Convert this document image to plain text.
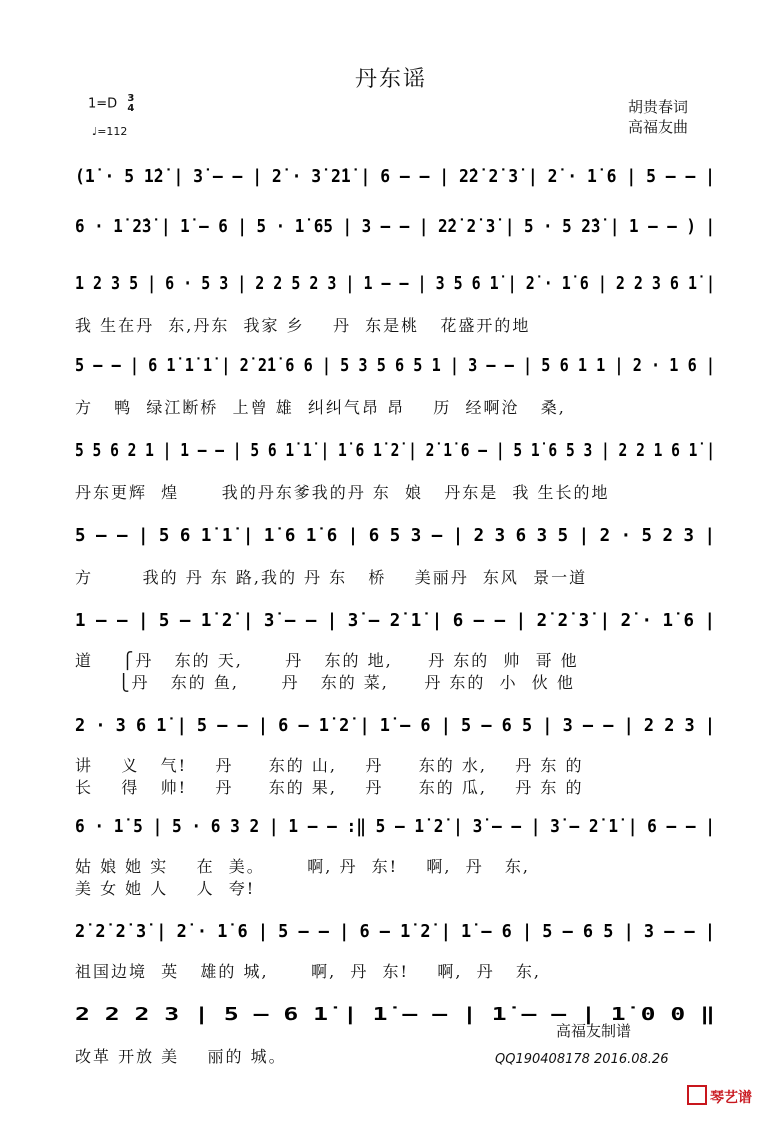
丹东谣
1=D 3
4
♩=112
胡贵春词
高福友曲
(1̇ · 5 1̇2̇ | 3̇ – – | 2̇ · 3̇ 2̇1̇ | 6 – – | 2̇2̇ 2̇ 3̇ | 2̇ · 1̇ 6 | 5 – – |
6 · 1̇ 2̇3̇ | 1̇ – 6 | 5 · 1̇ 65 | 3 – – | 2̇2̇ 2̇ 3̇ | 5 · 5 2̇3̇ | 1 – – ) |
1 2 3 5 | 6 · 5 3 | 2 2 5 2 3 | 1 – – | 3 5 6 1̇ | 2̇ · 1̇ 6 | 2 2 3 6 1̇ |
我 生在丹  东,丹东  我家 乡    丹  东是桃   花盛开的地
5 – – | 6 1̇ 1̇ 1̇ | 2̇ 2̇1̇ 6 6 | 5 3 5 6 5 1 | 3 – – | 5 6 1 1 | 2 · 1 6 |
方   鸭  绿江断桥  上曾 雄  纠纠气昂 昂    历  经啊沧   桑,
5 5 6 2 1 | 1 – – | 5 6 1̇ 1̇ | 1̇ 6 1̇ 2̇ | 2̇ 1̇ 6 – | 5 1̇ 6 5 3 | 2 2 1 6 1̇ |
丹东更辉  煌      我的丹东爹我的丹 东  娘   丹东是  我 生长的地
5 – – | 5 6 1̇ 1̇ | 1̇ 6 1̇ 6 | 6 5 3 – | 2 3 6 3 5 | 2 · 5 2 3 |
方       我的 丹 东 路,我的 丹 东   桥    美丽丹  东风  景一道
1 – – | 5 – 1̇ 2̇ | 3̇ – – | 3̇ – 2̇ 1̇ | 6 – – | 2̇ 2̇ 3̇ | 2̇ · 1̇ 6 |
道    ⎧丹   东的 天,      丹   东的 地,     丹 东的  帅  哥 他
⎩丹   东的 鱼,      丹   东的 菜,     丹 东的  小  伙 他
2 · 3 6 1̇ | 5 – – | 6 – 1̇ 2̇ | 1̇ – 6 | 5 – 6 5 | 3 – – | 2 2 3 |
讲    义   气!    丹     东的 山,    丹     东的 水,    丹 东 的
长    得   帅!    丹     东的 果,    丹     东的 瓜,    丹 东 的
6 · 1̇ 5 | 5 · 6 3 2 | 1 – – :‖ 5 – 1̇ 2̇ | 3̇ – – | 3̇ – 2̇ 1̇ | 6 – – |
姑 娘 她 实    在  美。      啊, 丹  东!    啊,  丹   东,
美 女 她 人    人  夸!
2̇ 2̇ 2̇ 3̇ | 2̇ · 1̇ 6 | 5 – – | 6 – 1̇ 2̇ | 1̇ – 6 | 5 – 6 5 | 3 – – |
祖国边境  英   雄的 城,      啊,  丹  东!    啊,  丹   东,
2 2 2 3 | 5 – 6 1̇ | 1̇ – – | 1̇ – – | 1̇ 0 0 ‖
改革 开放 美    丽的 城。
高福友制谱
QQ190408178 2016.08.26
琴艺谱
